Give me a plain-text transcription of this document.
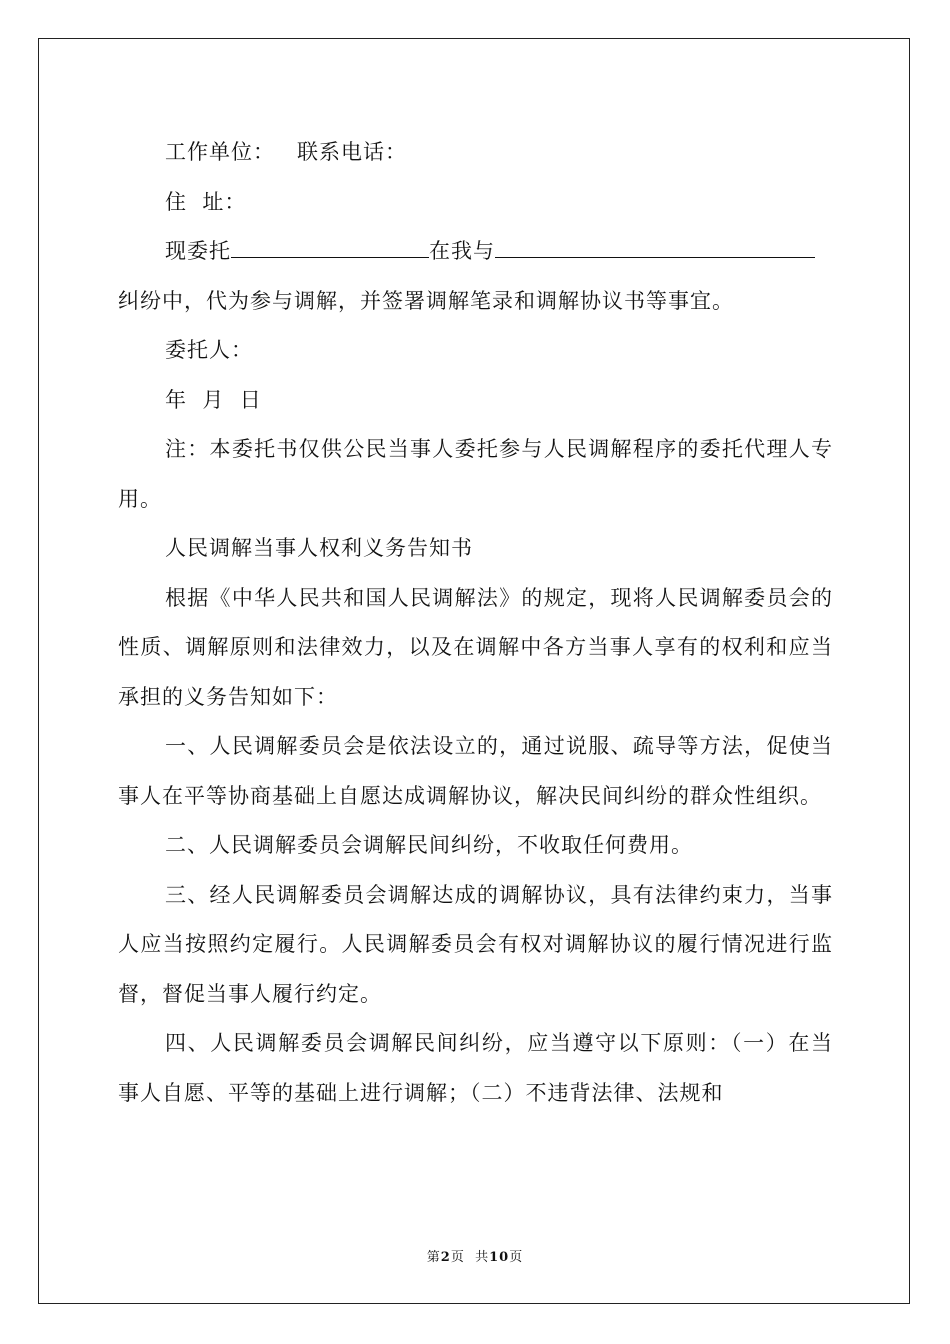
工作单位： 联系电话：

住  址：

现委托	在我与

纠纷中，代为参与调解，并签署调解笔录和调解协议书等事宜。

委托人：

年  月  日

注：本委托书仅供公民当事人委托参与人民调解程序的委托代理人专用。

人民调解当事人权利义务告知书

根据《中华人民共和国人民调解法》的规定，现将人民调解委员会的性质、调解原则和法律效力，以及在调解中各方当事人享有的权利和应当承担的义务告知如下：

一、人民调解委员会是依法设立的，通过说服、疏导等方法，促使当事人在平等协商基础上自愿达成调解协议，解决民间纠纷的群众性组织。

二、人民调解委员会调解民间纠纷，不收取任何费用。

三、经人民调解委员会调解达成的调解协议，具有法律约束力，当事人应当按照约定履行。人民调解委员会有权对调解协议的履行情况进行监督，督促当事人履行约定。

四、人民调解委员会调解民间纠纷，应当遵守以下原则：（一）在当事人自愿、平等的基础上进行调解；（二）不违背法律、法规和

第2页  共10页
